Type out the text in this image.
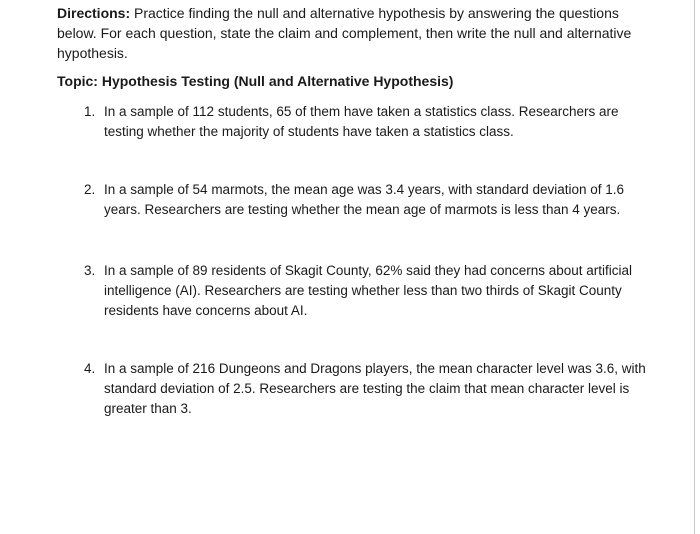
Directions: Practice finding the null and alternative hypothesis by answering the questions below. For each question, state the claim and complement, then write the null and alternative hypothesis.
Topic: Hypothesis Testing (Null and Alternative Hypothesis)
1. In a sample of 112 students, 65 of them have taken a statistics class. Researchers are testing whether the majority of students have taken a statistics class.
2. In a sample of 54 marmots, the mean age was 3.4 years, with standard deviation of 1.6 years. Researchers are testing whether the mean age of marmots is less than 4 years.
3. In a sample of 89 residents of Skagit County, 62% said they had concerns about artificial intelligence (AI). Researchers are testing whether less than two thirds of Skagit County residents have concerns about AI.
4. In a sample of 216 Dungeons and Dragons players, the mean character level was 3.6, with standard deviation of 2.5. Researchers are testing the claim that mean character level is greater than 3.
